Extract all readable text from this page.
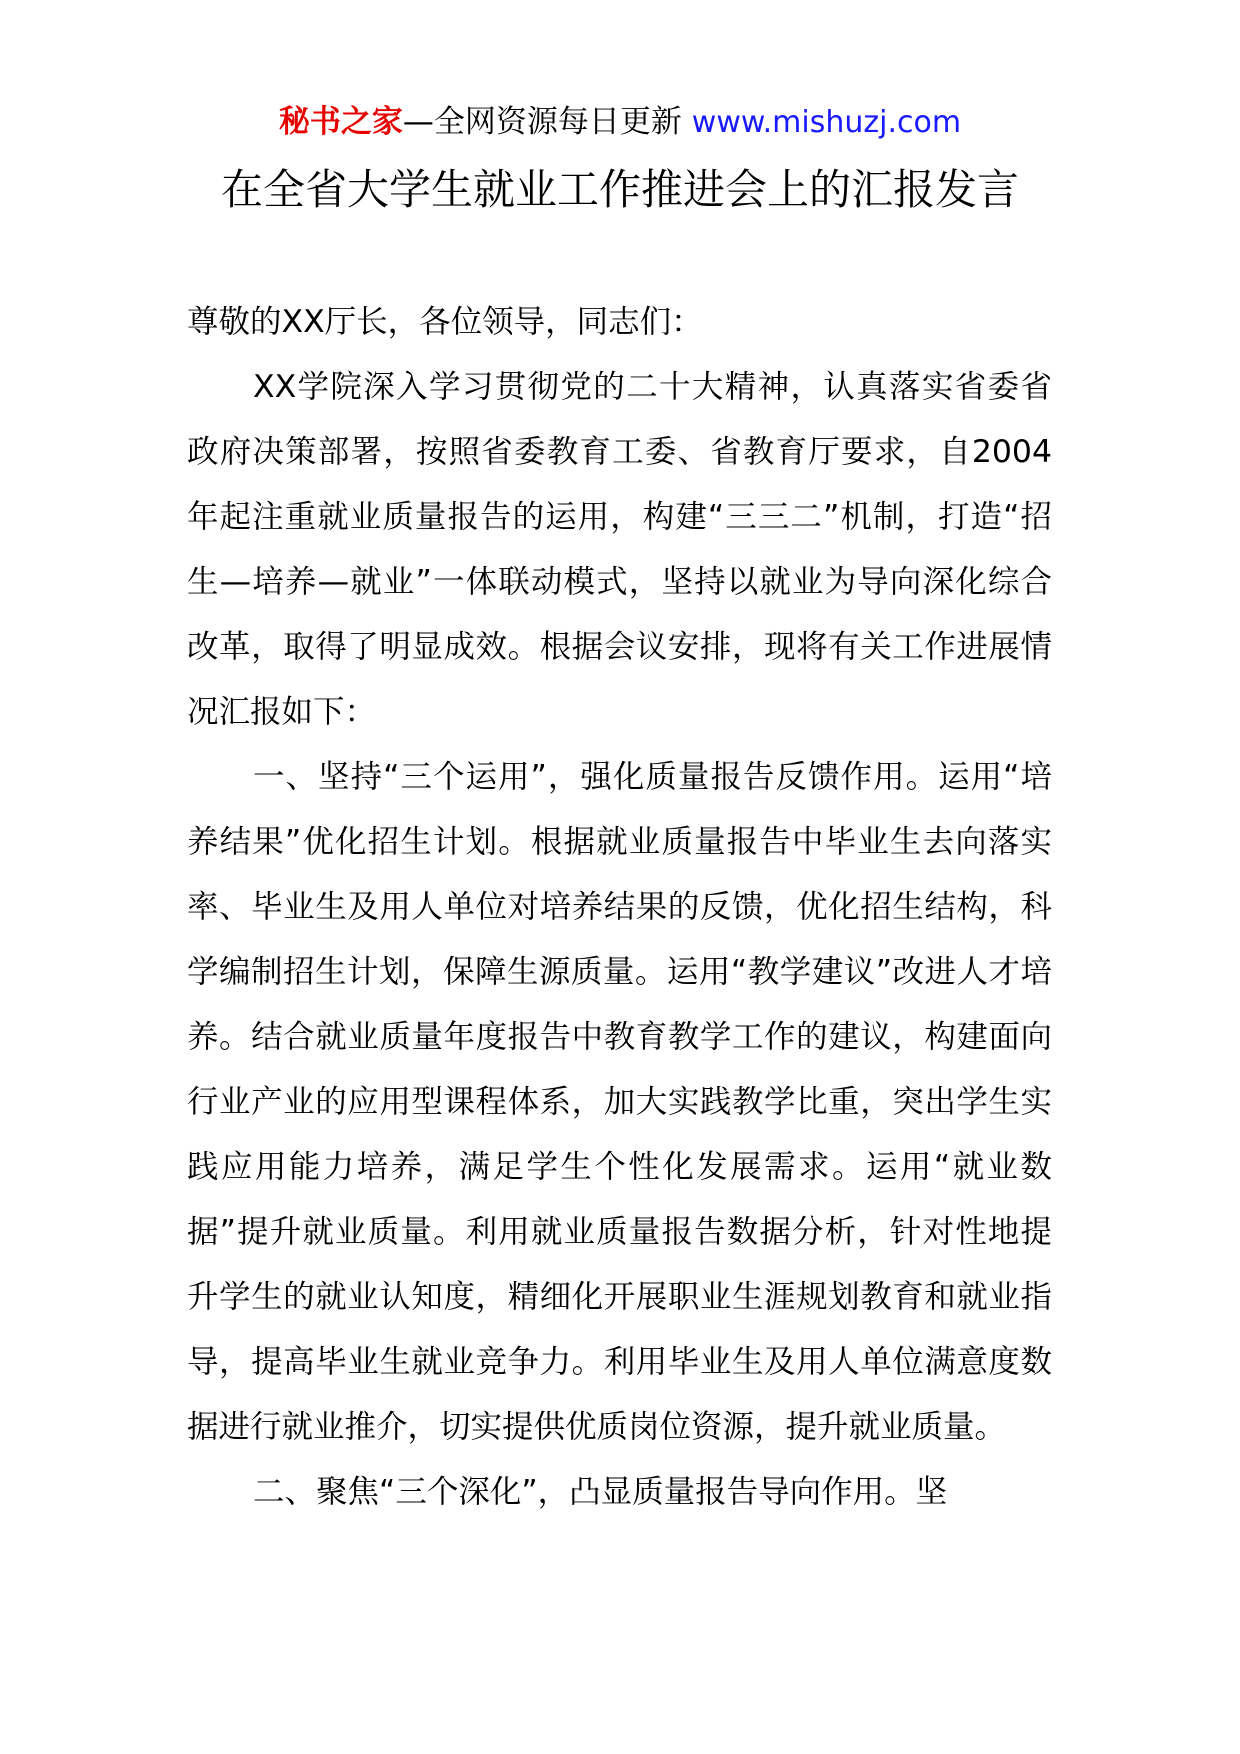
秘书之家—全网资源每日更新 www.mishuzj.com
在全省大学生就业工作推进会上的汇报发言

尊敬的XX厅长，各位领导，同志们：

XX学院深入学习贯彻党的二十大精神，认真落实省委省政府决策部署，按照省委教育工委、省教育厅要求，自2004年起注重就业质量报告的运用，构建“三三二”机制，打造“招生—培养—就业”一体联动模式，坚持以就业为导向深化综合改革，取得了明显成效。根据会议安排，现将有关工作进展情况汇报如下：

一、坚持“三个运用”，强化质量报告反馈作用。运用“培养结果”优化招生计划。根据就业质量报告中毕业生去向落实率、毕业生及用人单位对培养结果的反馈，优化招生结构，科学编制招生计划，保障生源质量。运用“教学建议”改进人才培养。结合就业质量年度报告中教育教学工作的建议，构建面向行业产业的应用型课程体系，加大实践教学比重，突出学生实践应用能力培养，满足学生个性化发展需求。运用“就业数据”提升就业质量。利用就业质量报告数据分析，针对性地提升学生的就业认知度，精细化开展职业生涯规划教育和就业指导，提高毕业生就业竞争力。利用毕业生及用人单位满意度数据进行就业推介，切实提供优质岗位资源，提升就业质量。

二、聚焦“三个深化”，凸显质量报告导向作用。坚
